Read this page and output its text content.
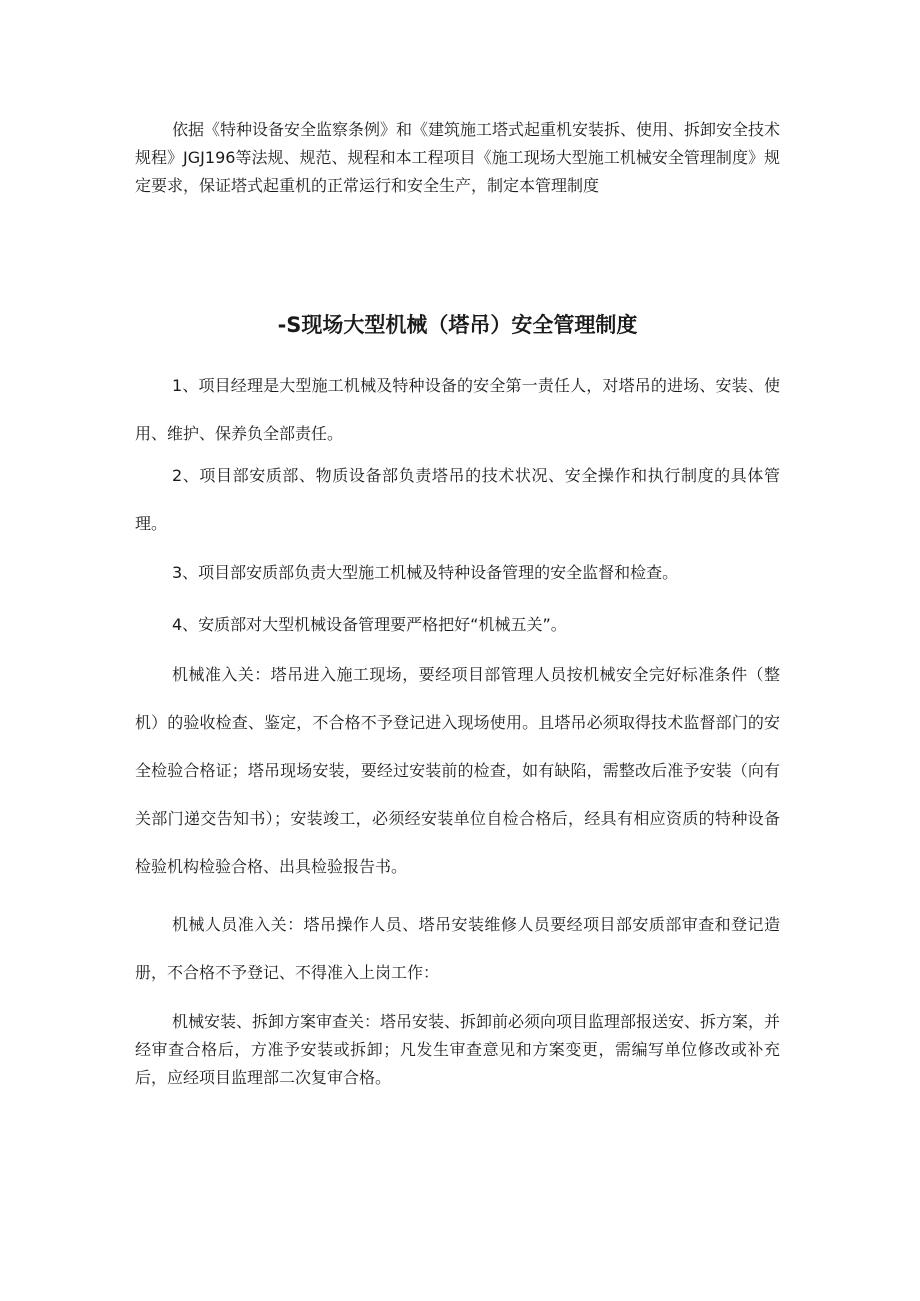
依据《特种设备安全监察条例》和《建筑施工塔式起重机安装拆、使用、拆卸安全技术规程》JGJ196等法规、规范、规程和本工程项目《施工现场大型施工机械安全管理制度》规定要求，保证塔式起重机的正常运行和安全生产，制定本管理制度

-S现场大型机械（塔吊）安全管理制度

1、项目经理是大型施工机械及特种设备的安全第一责任人，对塔吊的进场、安装、使用、维护、保养负全部责任。

2、项目部安质部、物质设备部负责塔吊的技术状况、安全操作和执行制度的具体管理。

3、项目部安质部负责大型施工机械及特种设备管理的安全监督和检查。

4、安质部对大型机械设备管理要严格把好“机械五关”。

机械准入关：塔吊进入施工现场，要经项目部管理人员按机械安全完好标准条件（整机）的验收检查、鉴定，不合格不予登记进入现场使用。且塔吊必须取得技术监督部门的安全检验合格证；塔吊现场安装，要经过安装前的检查，如有缺陷，需整改后准予安装（向有关部门递交告知书）；安装竣工，必须经安装单位自检合格后，经具有相应资质的特种设备检验机构检验合格、出具检验报告书。

机械人员准入关：塔吊操作人员、塔吊安装维修人员要经项目部安质部审查和登记造册，不合格不予登记、不得准入上岗工作：

机械安装、拆卸方案审查关：塔吊安装、拆卸前必须向项目监理部报送安、拆方案，并经审查合格后，方准予安装或拆卸；凡发生审查意见和方案变更，需编写单位修改或补充后，应经项目监理部二次复审合格。
